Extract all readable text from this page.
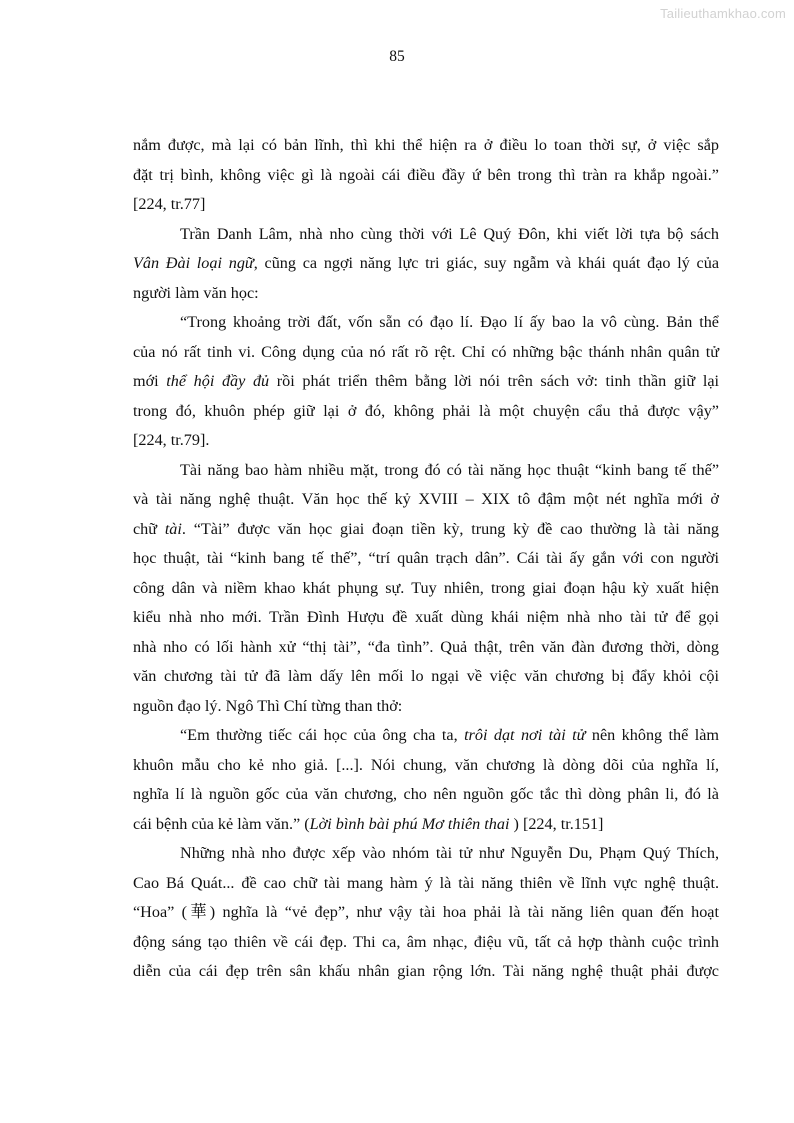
Tailieuthamkhao.com
85
nắm được, mà lại có bản lĩnh, thì khi thể hiện ra ở điều lo toan thời sự, ở việc sắp
đặt trị bình, không việc gì là ngoài cái điều đầy ứ bên trong thì tràn ra khắp ngoài.”
[224, tr.77]
Trần Danh Lâm, nhà nho cùng thời với Lê Quý Đôn, khi viết lời tựa bộ sách
Vân Đài loại ngữ, cũng ca ngợi năng lực tri giác, suy ngẫm và khái quát đạo lý của
người làm văn học:
“Trong khoảng trời đất, vốn sẵn có đạo lí. Đạo lí ấy bao la vô cùng. Bản thể
của nó rất tinh vi. Công dụng của nó rất rõ rệt. Chỉ có những bậc thánh nhân quân tử
mới thể hội đầy đủ rồi phát triển thêm bằng lời nói trên sách vở: tinh thần giữ lại
trong đó, khuôn phép giữ lại ở đó, không phải là một chuyện cẩu thả được vậy”
[224, tr.79].
Tài năng bao hàm nhiều mặt, trong đó có tài năng học thuật “kinh bang tế thế”
và tài năng nghệ thuật. Văn học thế kỷ XVIII – XIX tô đậm một nét nghĩa mới ở
chữ tài. “Tài” được văn học giai đoạn tiền kỳ, trung kỳ đề cao thường là tài năng
học thuật, tài “kinh bang tế thế”, “trí quân trạch dân”. Cái tài ấy gắn với con người
công dân và niềm khao khát phụng sự. Tuy nhiên, trong giai đoạn hậu kỳ xuất hiện
kiểu nhà nho mới. Trần Đình Hượu đề xuất dùng khái niệm nhà nho tài tử để gọi
nhà nho có lối hành xử “thị tài”, “đa tình”. Quả thật, trên văn đàn đương thời, dòng
văn chương tài tử đã làm dấy lên mối lo ngại về việc văn chương bị đẩy khỏi cội
nguồn đạo lý. Ngô Thì Chí từng than thở:
“Em thường tiếc cái học của ông cha ta, trôi dạt nơi tài tử nên không thể làm
khuôn mẫu cho kẻ nho giả. [...]. Nói chung, văn chương là dòng dõi của nghĩa lí,
nghĩa lí là nguồn gốc của văn chương, cho nên nguồn gốc tắc thì dòng phân li, đó là
cái bệnh của kẻ làm văn.” (Lời bình bài phú Mơ thiên thai ) [224, tr.151]
Những nhà nho được xếp vào nhóm tài tử như Nguyễn Du, Phạm Quý Thích,
Cao Bá Quát... đề cao chữ tài mang hàm ý là tài năng thiên về lĩnh vực nghệ thuật.
“Hoa” (華) nghĩa là “vẻ đẹp”, như vậy tài hoa phải là tài năng liên quan đến hoạt
động sáng tạo thiên về cái đẹp. Thi ca, âm nhạc, điệu vũ, tất cả hợp thành cuộc trình
diễn của cái đẹp trên sân khấu nhân gian rộng lớn. Tài năng nghệ thuật phải được
